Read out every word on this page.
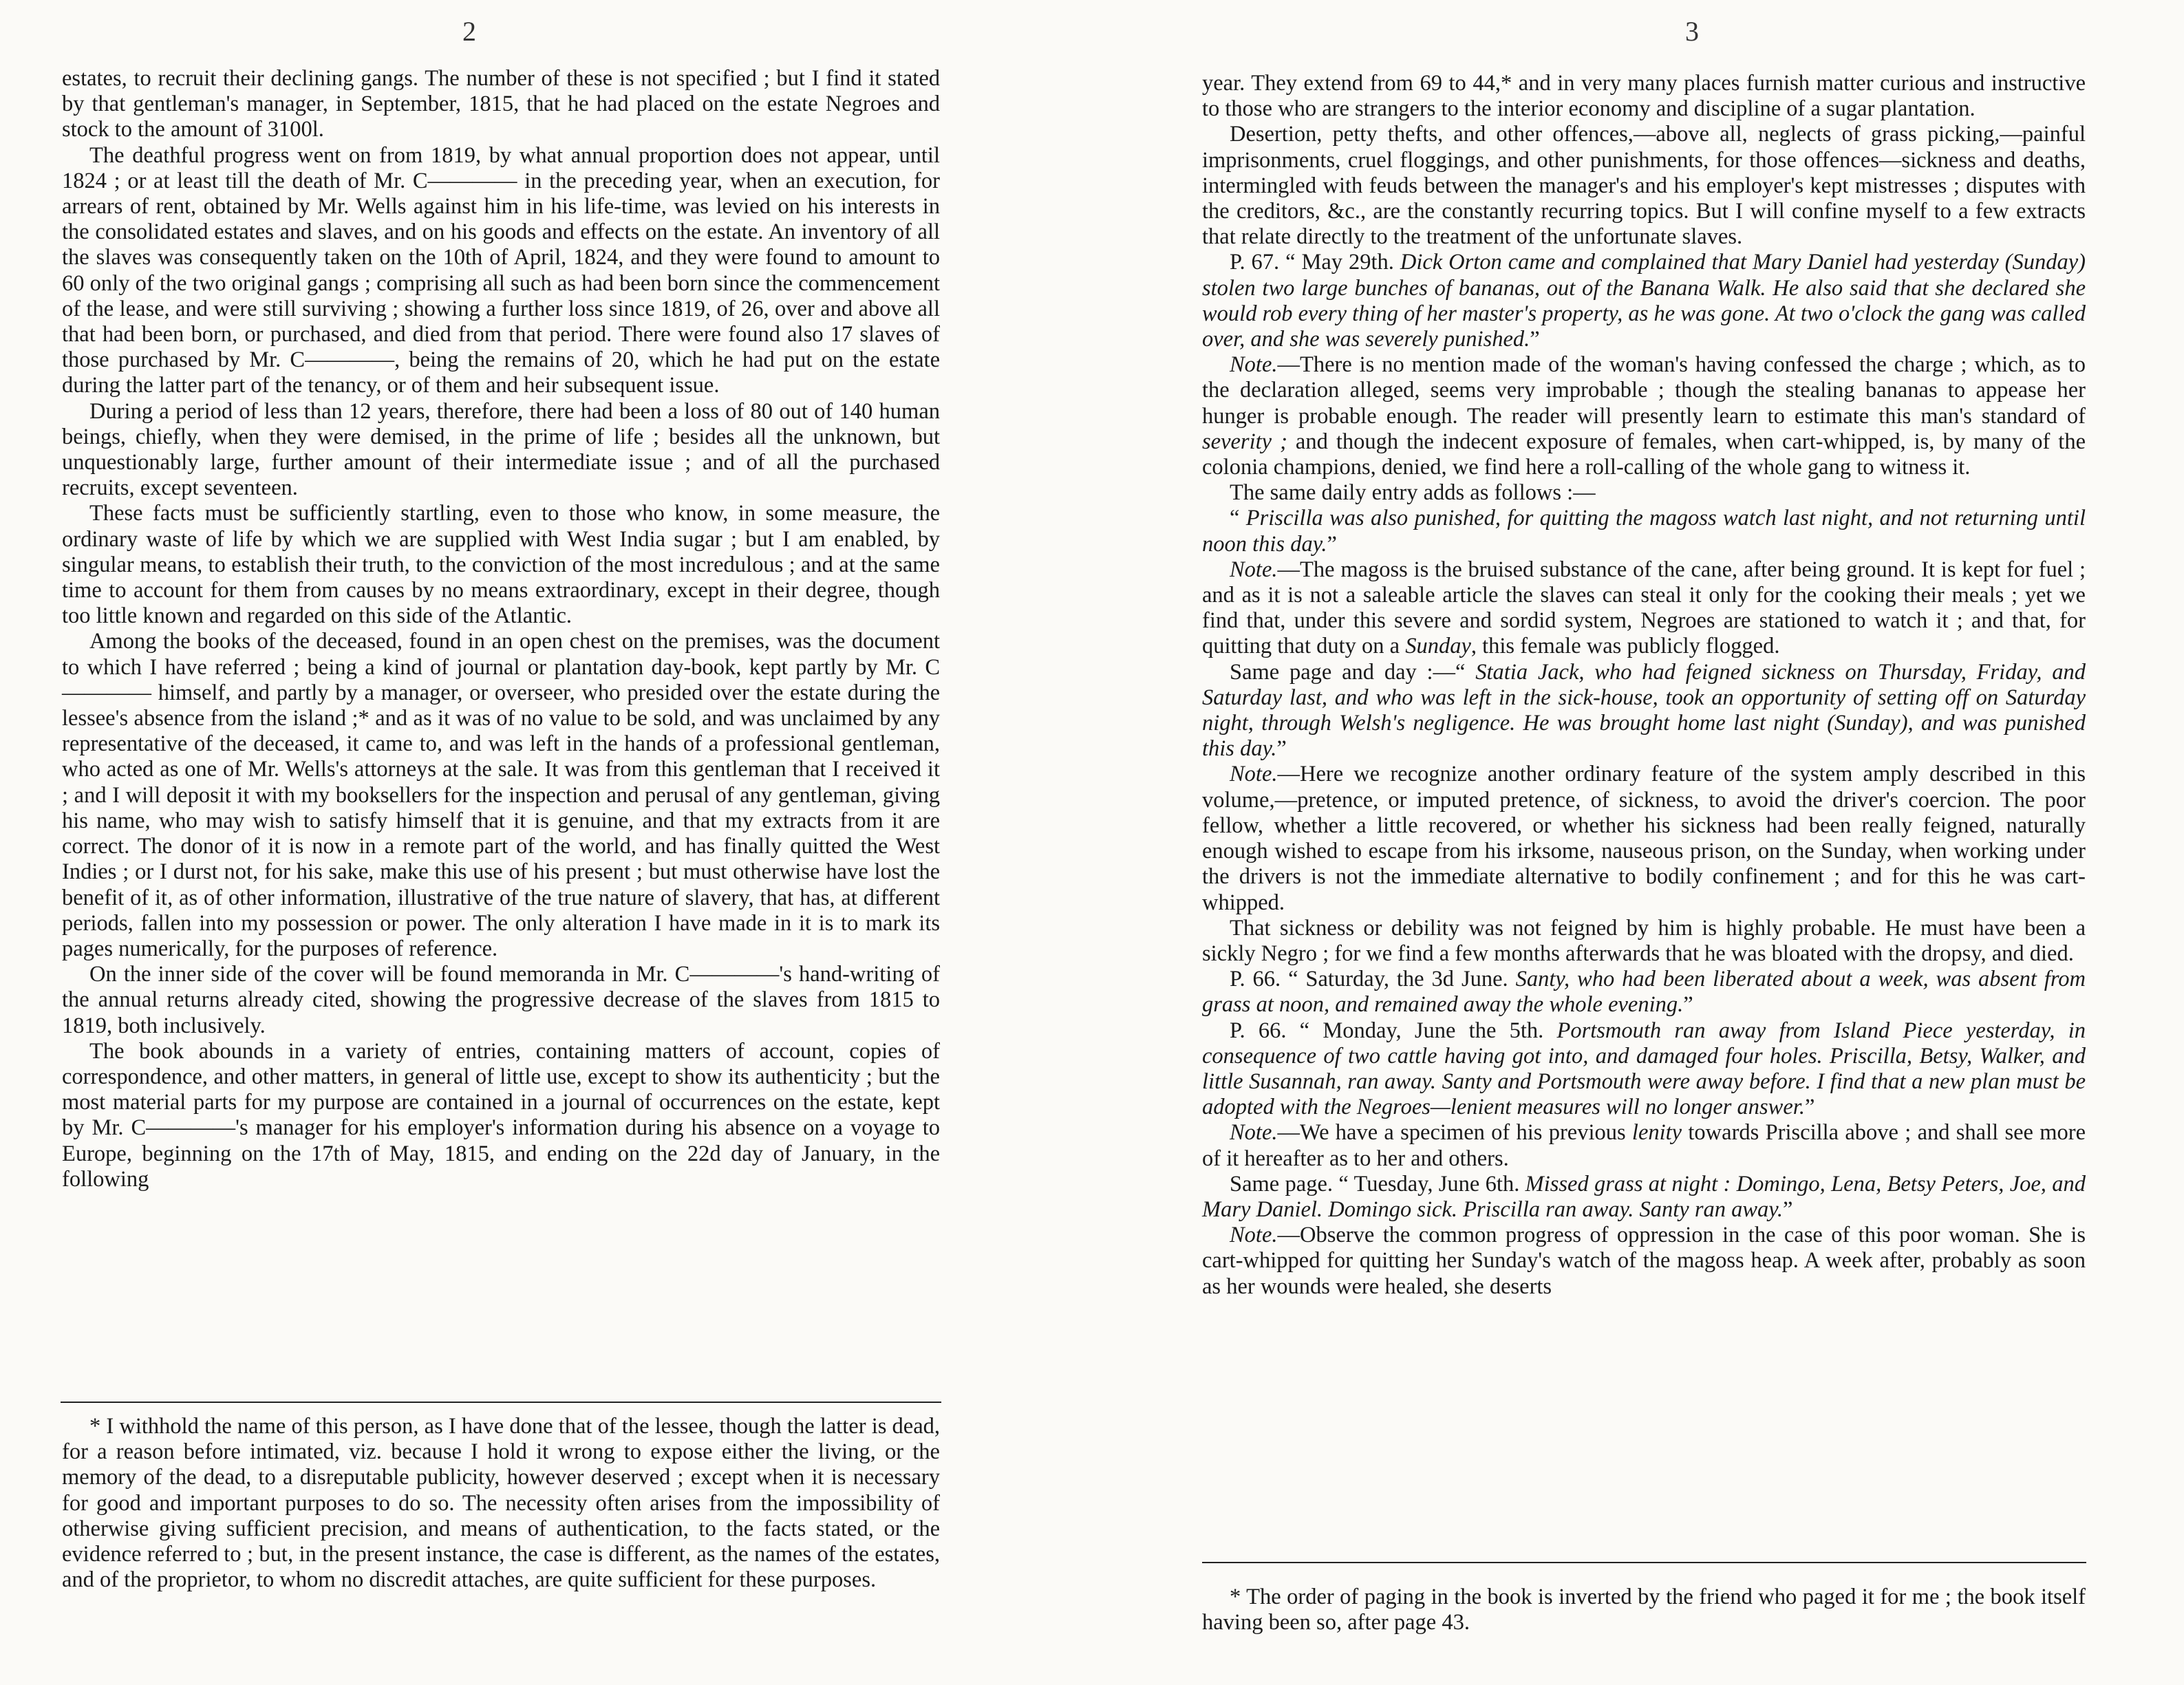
2

estates, to recruit their declining gangs. The number of these is not specified ; but I find it stated by that gentleman's manager, in September, 1815, that he had placed on the estate Negroes and stock to the amount of 3100l.

The deathful progress went on from 1819, by what annual proportion does not appear, until 1824 ; or at least till the death of Mr. C———— in the preceding year, when an execution, for arrears of rent, obtained by Mr. Wells against him in his life-time, was levied on his interests in the consolidated estates and slaves, and on his goods and effects on the estate. An inventory of all the slaves was consequently taken on the 10th of April, 1824, and they were found to amount to 60 only of the two original gangs ; comprising all such as had been born since the commencement of the lease, and were still surviving ; showing a further loss since 1819, of 26, over and above all that had been born, or purchased, and died from that period. There were found also 17 slaves of those purchased by Mr. C————, being the remains of 20, which he had put on the estate during the latter part of the tenancy, or of them and heir subsequent issue.

During a period of less than 12 years, therefore, there had been a loss of 80 out of 140 human beings, chiefly, when they were demised, in the prime of life ; besides all the unknown, but unquestionably large, further amount of their intermediate issue ; and of all the purchased recruits, except seventeen.

These facts must be sufficiently startling, even to those who know, in some measure, the ordinary waste of life by which we are supplied with West India sugar ; but I am enabled, by singular means, to establish their truth, to the conviction of the most incredulous ; and at the same time to account for them from causes by no means extraordinary, except in their degree, though too little known and regarded on this side of the Atlantic.

Among the books of the deceased, found in an open chest on the premises, was the document to which I have referred ; being a kind of journal or plantation day-book, kept partly by Mr. C———— himself, and partly by a manager, or overseer, who presided over the estate during the lessee's absence from the island ;* and as it was of no value to be sold, and was unclaimed by any representative of the deceased, it came to, and was left in the hands of a professional gentleman, who acted as one of Mr. Wells's attorneys at the sale. It was from this gentleman that I received it ; and I will deposit it with my booksellers for the inspection and perusal of any gentleman, giving his name, who may wish to satisfy himself that it is genuine, and that my extracts from it are correct. The donor of it is now in a remote part of the world, and has finally quitted the West Indies ; or I durst not, for his sake, make this use of his present ; but must otherwise have lost the benefit of it, as of other information, illustrative of the true nature of slavery, that has, at different periods, fallen into my possession or power. The only alteration I have made in it is to mark its pages numerically, for the purposes of reference.

On the inner side of the cover will be found memoranda in Mr. C————'s hand-writing of the annual returns already cited, showing the progressive decrease of the slaves from 1815 to 1819, both inclusively.

The book abounds in a variety of entries, containing matters of account, copies of correspondence, and other matters, in general of little use, except to show its authenticity ; but the most material parts for my purpose are contained in a journal of occurrences on the estate, kept by Mr. C————'s manager for his employer's information during his absence on a voyage to Europe, beginning on the 17th of May, 1815, and ending on the 22d day of January, in the following

* I withhold the name of this person, as I have done that of the lessee, though the latter is dead, for a reason before intimated, viz. because I hold it wrong to expose either the living, or the memory of the dead, to a disreputable publicity, however deserved ; except when it is necessary for good and important purposes to do so. The necessity often arises from the impossibility of otherwise giving sufficient precision, and means of authentication, to the facts stated, or the evidence referred to ; but, in the present instance, the case is different, as the names of the estates, and of the proprietor, to whom no discredit attaches, are quite sufficient for these purposes.

3

year. They extend from 69 to 44,* and in very many places furnish matter curious and instructive to those who are strangers to the interior economy and discipline of a sugar plantation.

Desertion, petty thefts, and other offences,—above all, neglects of grass picking,—painful imprisonments, cruel floggings, and other punishments, for those offences—sickness and deaths, intermingled with feuds between the manager's and his employer's kept mistresses ; disputes with the creditors, &c., are the constantly recurring topics. But I will confine myself to a few extracts that relate directly to the treatment of the unfortunate slaves.

P. 67. “ May 29th. Dick Orton came and complained that Mary Daniel had yesterday (Sunday) stolen two large bunches of bananas, out of the Banana Walk. He also said that she declared she would rob every thing of her master's property, as he was gone. At two o'clock the gang was called over, and she was severely punished.”

Note.—There is no mention made of the woman's having confessed the charge ; which, as to the declaration alleged, seems very improbable ; though the stealing bananas to appease her hunger is probable enough. The reader will presently learn to estimate this man's standard of severity ; and though the indecent exposure of females, when cart-whipped, is, by many of the colonia champions, denied, we find here a roll-calling of the whole gang to witness it.

The same daily entry adds as follows :—

“ Priscilla was also punished, for quitting the magoss watch last night, and not returning until noon this day.”

Note.—The magoss is the bruised substance of the cane, after being ground. It is kept for fuel ; and as it is not a saleable article the slaves can steal it only for the cooking their meals ; yet we find that, under this severe and sordid system, Negroes are stationed to watch it ; and that, for quitting that duty on a Sunday, this female was publicly flogged.

Same page and day :—“ Statia Jack, who had feigned sickness on Thursday, Friday, and Saturday last, and who was left in the sick-house, took an opportunity of setting off on Saturday night, through Welsh's negligence. He was brought home last night (Sunday), and was punished this day.”

Note.—Here we recognize another ordinary feature of the system amply described in this volume,—pretence, or imputed pretence, of sickness, to avoid the driver's coercion. The poor fellow, whether a little recovered, or whether his sickness had been really feigned, naturally enough wished to escape from his irksome, nauseous prison, on the Sunday, when working under the drivers is not the immediate alternative to bodily confinement ; and for this he was cart-whipped.

That sickness or debility was not feigned by him is highly probable. He must have been a sickly Negro ; for we find a few months afterwards that he was bloated with the dropsy, and died.

P. 66. “ Saturday, the 3d June. Santy, who had been liberated about a week, was absent from grass at noon, and remained away the whole evening.”

P. 66. “ Monday, June the 5th. Portsmouth ran away from Island Piece yesterday, in consequence of two cattle having got into, and damaged four holes. Priscilla, Betsy, Walker, and little Susannah, ran away. Santy and Portsmouth were away before. I find that a new plan must be adopted with the Negroes—lenient measures will no longer answer.”

Note.—We have a specimen of his previous lenity towards Priscilla above ; and shall see more of it hereafter as to her and others.

Same page. “ Tuesday, June 6th. Missed grass at night : Domingo, Lena, Betsy Peters, Joe, and Mary Daniel. Domingo sick. Priscilla ran away. Santy ran away.”

Note.—Observe the common progress of oppression in the case of this poor woman. She is cart-whipped for quitting her Sunday's watch of the magoss heap. A week after, probably as soon as her wounds were healed, she deserts

* The order of paging in the book is inverted by the friend who paged it for me ; the book itself having been so, after page 43.
